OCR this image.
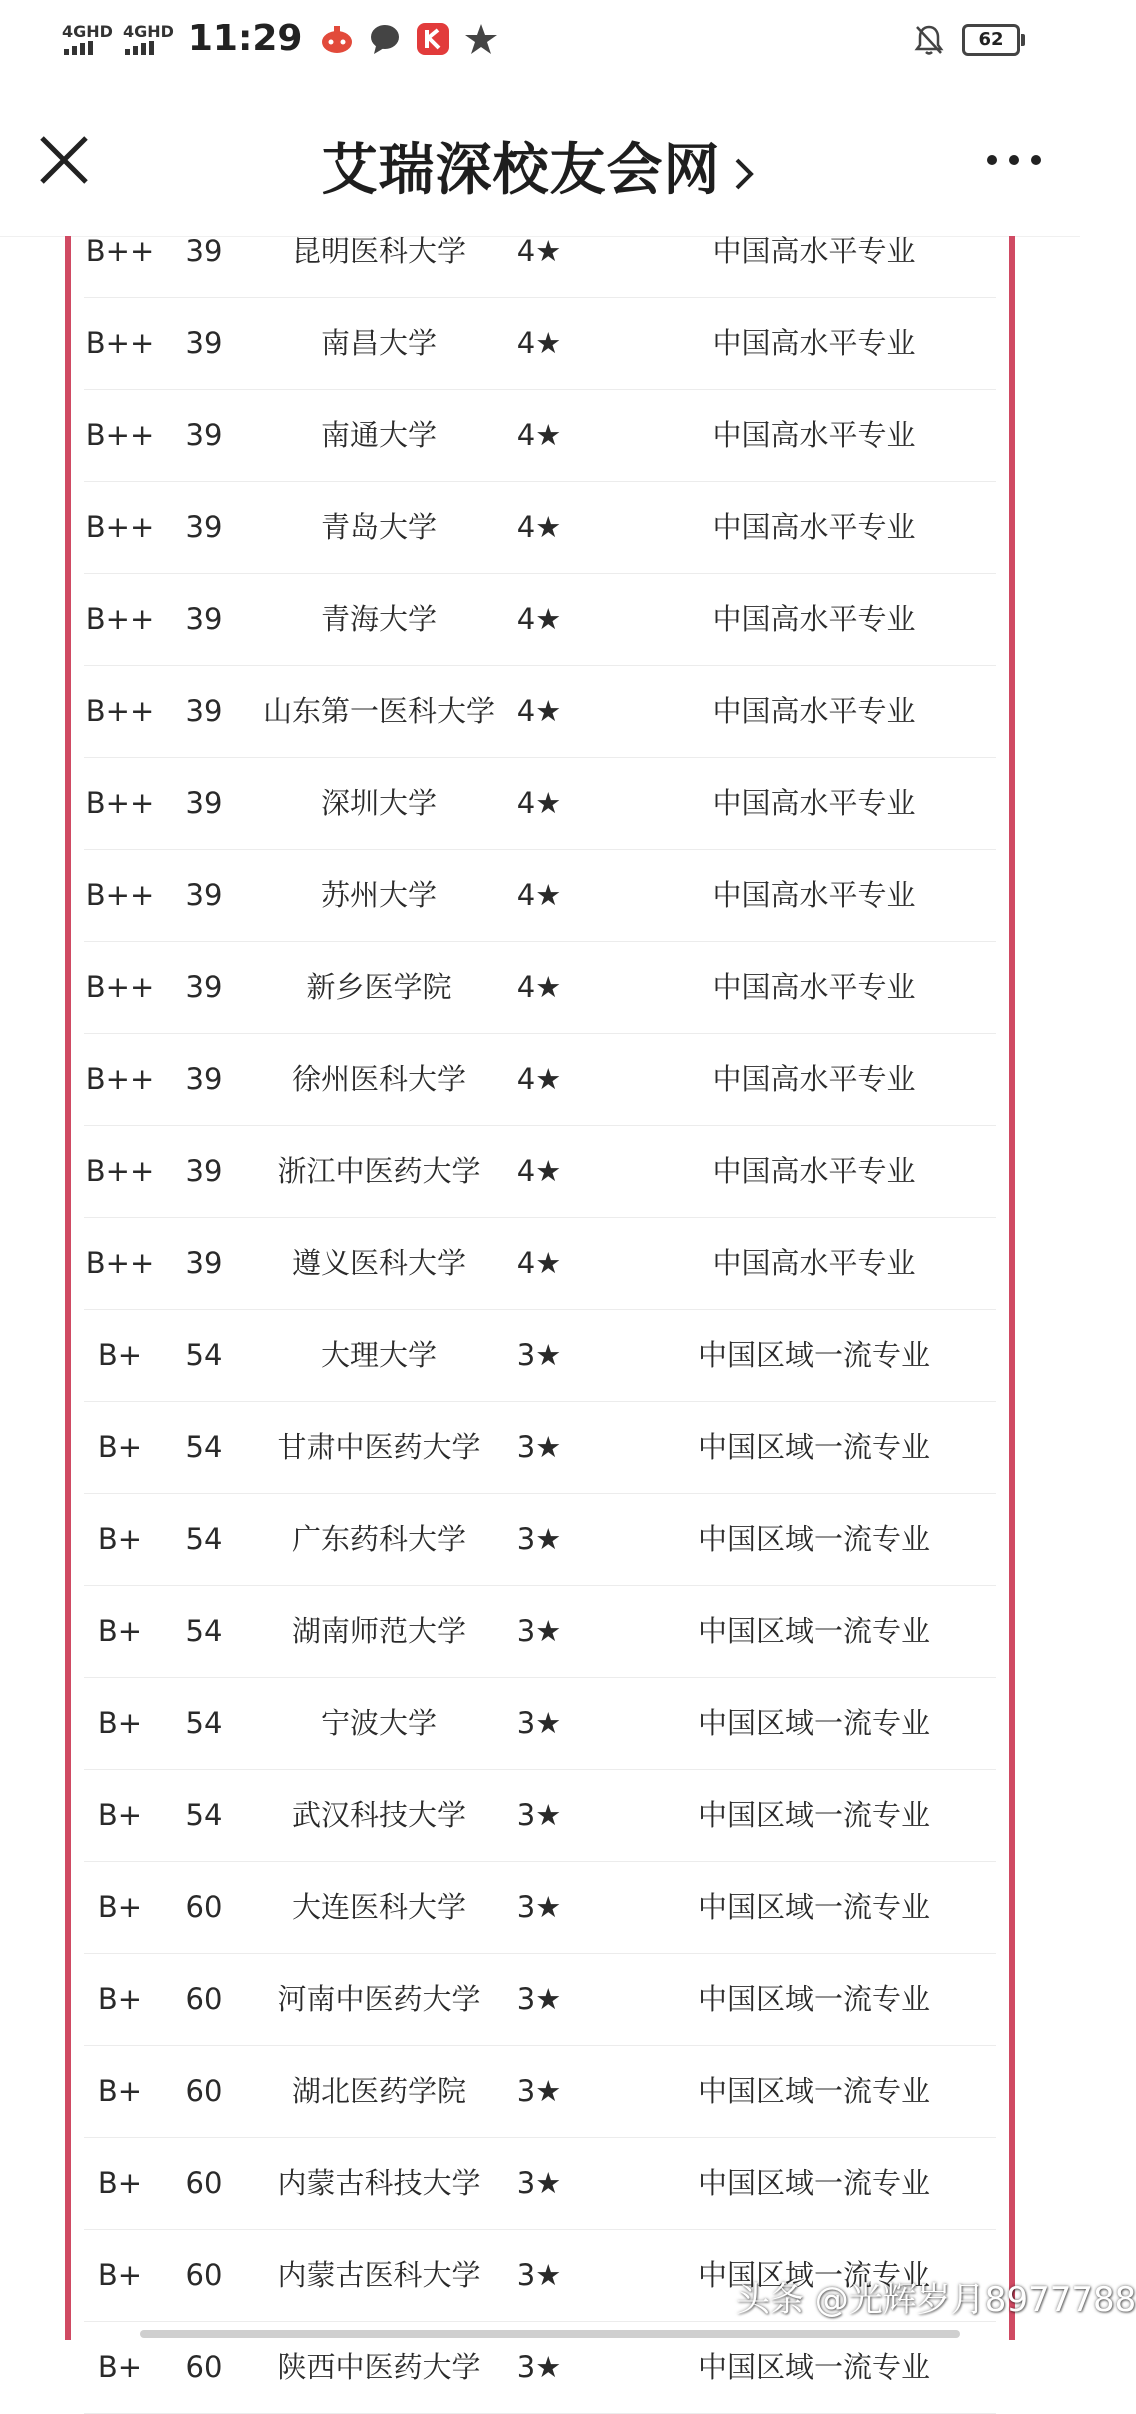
4GHD 4GHD 11:29	62
艾瑞深校友会网
B++	39	昆明医科大学	4★	中国高水平专业
B++	39	南昌大学	4★	中国高水平专业
B++	39	南通大学	4★	中国高水平专业
B++	39	青岛大学	4★	中国高水平专业
B++	39	青海大学	4★	中国高水平专业
B++	39	山东第一医科大学 4★	中国高水平专业
B++	39	深圳大学	4★	中国高水平专业
B++	39	苏州大学	4★	中国高水平专业
B++	39	新乡医学院	4★	中国高水平专业
B++	39	徐州医科大学	4★	中国高水平专业
B++	39	浙江中医药大学	4★	中国高水平专业
B++	39	遵义医科大学	4★	中国高水平专业
B+	54	大理大学	3★	中国区域一流专业
B+	54	甘肃中医药大学	3★	中国区域一流专业
B+	54	广东药科大学	3★	中国区域一流专业
B+	54	湖南师范大学	3★	中国区域一流专业
B+	54	宁波大学	3★	中国区域一流专业
B+	54	武汉科技大学	3★	中国区域一流专业
B+	60	大连医科大学	3★	中国区域一流专业
B+	60	河南中医药大学	3★	中国区域一流专业
B+	60	湖北医药学院	3★	中国区域一流专业
B+	60	内蒙古科技大学	3★	中国区域一流专业
B+	60	内蒙古医科大学	3★	中国区域一流专业
B+	60	陕西中医药大学	3★	中国区域一流专业
头条 @光辉岁月8977788
